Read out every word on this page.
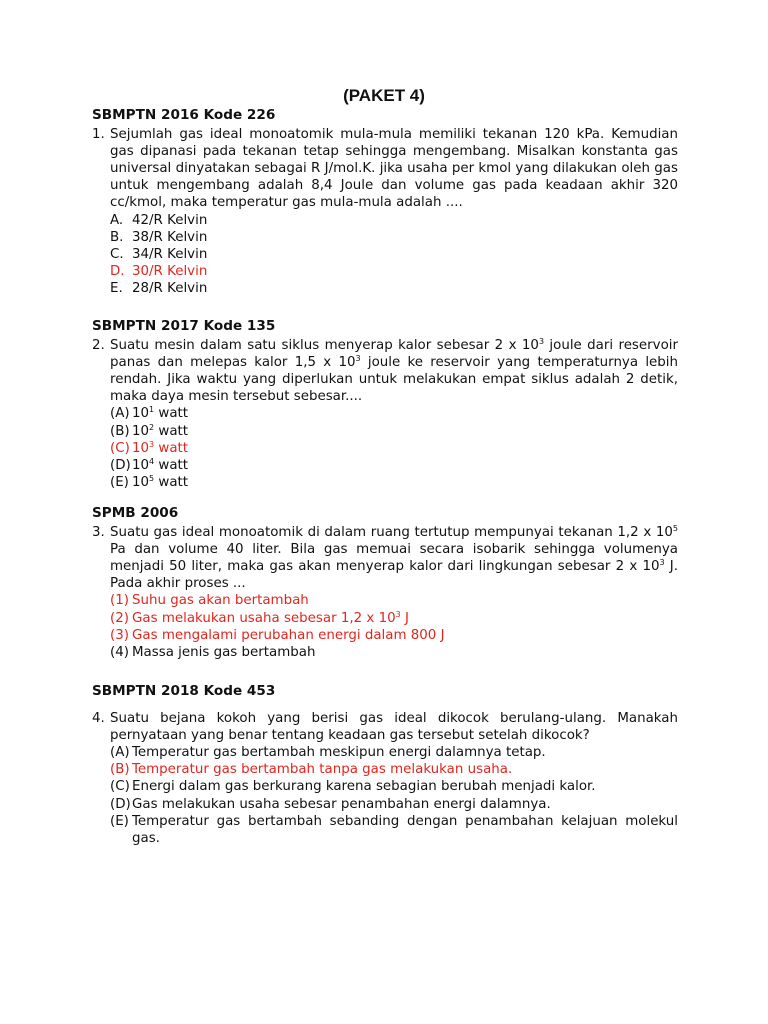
(PAKET 4)
SBMPTN 2016 Kode 226
1. Sejumlah gas ideal monoatomik mula-mula memiliki tekanan 120 kPa. Kemudian gas dipanasi pada tekanan tetap sehingga mengembang. Misalkan konstanta gas universal dinyatakan sebagai R J/mol.K. jika usaha per kmol yang dilakukan oleh gas untuk mengembang adalah 8,4 Joule dan volume gas pada keadaan akhir 320 cc/kmol, maka temperatur gas mula-mula adalah ....
A. 42/R Kelvin
B. 38/R Kelvin
C. 34/R Kelvin
D. 30/R Kelvin
E. 28/R Kelvin
SBMPTN 2017 Kode 135
2. Suatu mesin dalam satu siklus menyerap kalor sebesar 2 x $10^3$ joule dari reservoir panas dan melepas kalor 1,5 x $10^3$ joule ke reservoir yang temperaturnya lebih rendah. Jika waktu yang diperlukan untuk melakukan empat siklus adalah 2 detik, maka daya mesin tersebut sebesar....
(A) $10^1$ watt
(B) $10^2$ watt
(C) $10^3$ watt
(D) $10^4$ watt
(E) $10^5$ watt
SPMB 2006
3. Suatu gas ideal monoatomik di dalam ruang tertutup mempunyai tekanan 1,2 x $10^5$ Pa dan volume 40 liter. Bila gas memuai secara isobarik sehingga volumenya menjadi 50 liter, maka gas akan menyerap kalor dari lingkungan sebesar 2 x $10^3$ J. Pada akhir proses ...
(1) Suhu gas akan bertambah
(2) Gas melakukan usaha sebesar 1,2 x $10^3$ J
(3) Gas mengalami perubahan energi dalam 800 J
(4) Massa jenis gas bertambah
SBMPTN 2018 Kode 453
4. Suatu bejana kokoh yang berisi gas ideal dikocok berulang-ulang. Manakah pernyataan yang benar tentang keadaan gas tersebut setelah dikocok?
(A) Temperatur gas bertambah meskipun energi dalamnya tetap.
(B) Temperatur gas bertambah tanpa gas melakukan usaha.
(C) Energi dalam gas berkurang karena sebagian berubah menjadi kalor.
(D) Gas melakukan usaha sebesar penambahan energi dalamnya.
(E) Temperatur gas bertambah sebanding dengan penambahan kelajuan molekul gas.
